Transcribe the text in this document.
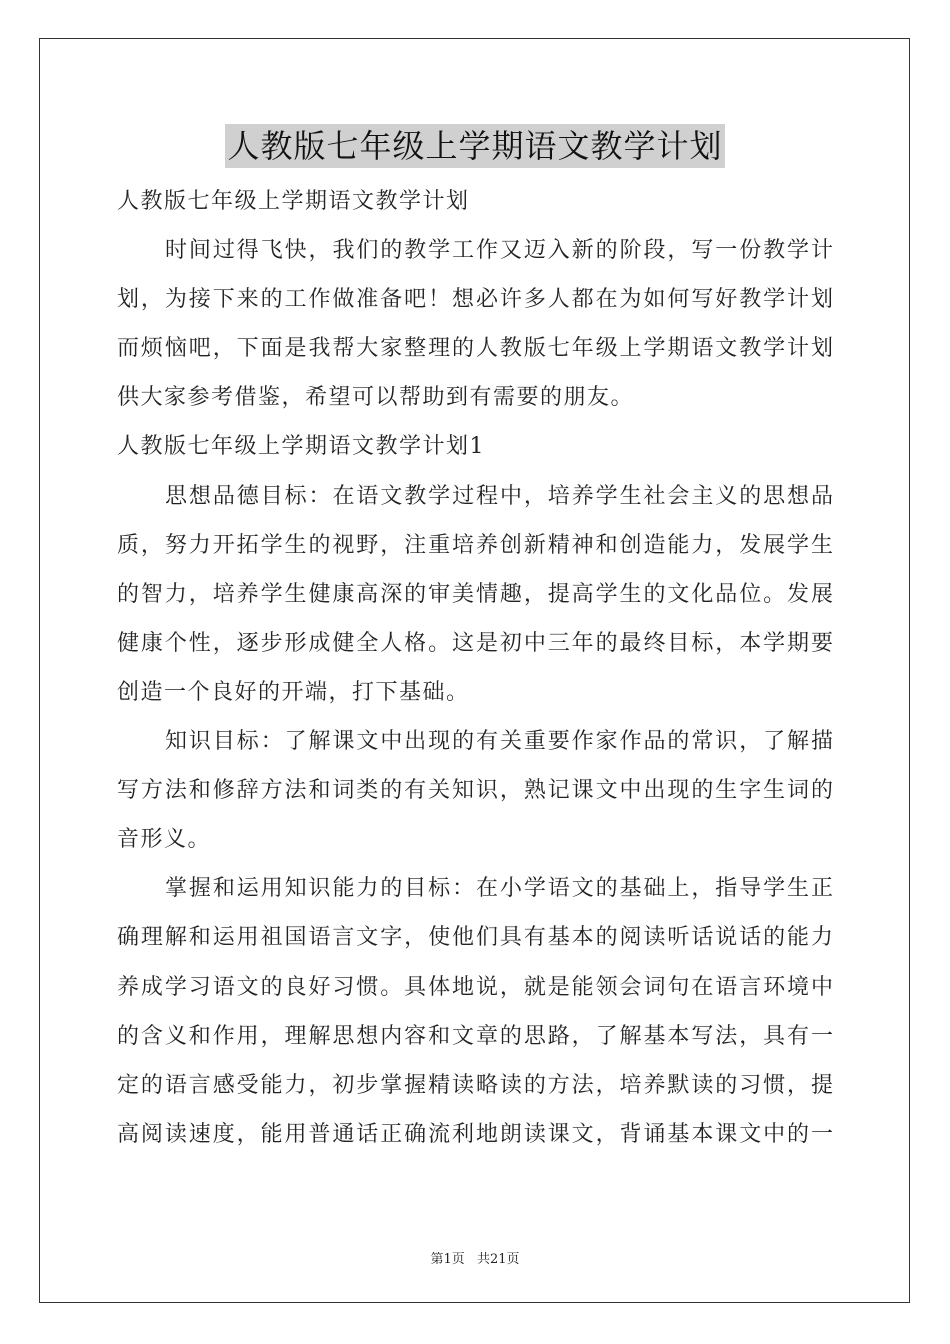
人教版七年级上学期语文教学计划
人教版七年级上学期语文教学计划
时间过得飞快，我们的教学工作又迈入新的阶段，写一份教学计
划，为接下来的工作做准备吧！想必许多人都在为如何写好教学计划
而烦恼吧，下面是我帮大家整理的人教版七年级上学期语文教学计划
供大家参考借鉴，希望可以帮助到有需要的朋友。
人教版七年级上学期语文教学计划1
思想品德目标：在语文教学过程中，培养学生社会主义的思想品
质，努力开拓学生的视野，注重培养创新精神和创造能力，发展学生
的智力，培养学生健康高深的审美情趣，提高学生的文化品位。发展
健康个性，逐步形成健全人格。这是初中三年的最终目标，本学期要
创造一个良好的开端，打下基础。
知识目标：了解课文中出现的有关重要作家作品的常识，了解描
写方法和修辞方法和词类的有关知识，熟记课文中出现的生字生词的
音形义。
掌握和运用知识能力的目标：在小学语文的基础上，指导学生正
确理解和运用祖国语言文字，使他们具有基本的阅读听话说话的能力
养成学习语文的良好习惯。具体地说，就是能领会词句在语言环境中
的含义和作用，理解思想内容和文章的思路，了解基本写法，具有一
定的语言感受能力，初步掌握精读略读的方法，培养默读的习惯，提
高阅读速度，能用普通话正确流利地朗读课文，背诵基本课文中的一
第1页 共21页
